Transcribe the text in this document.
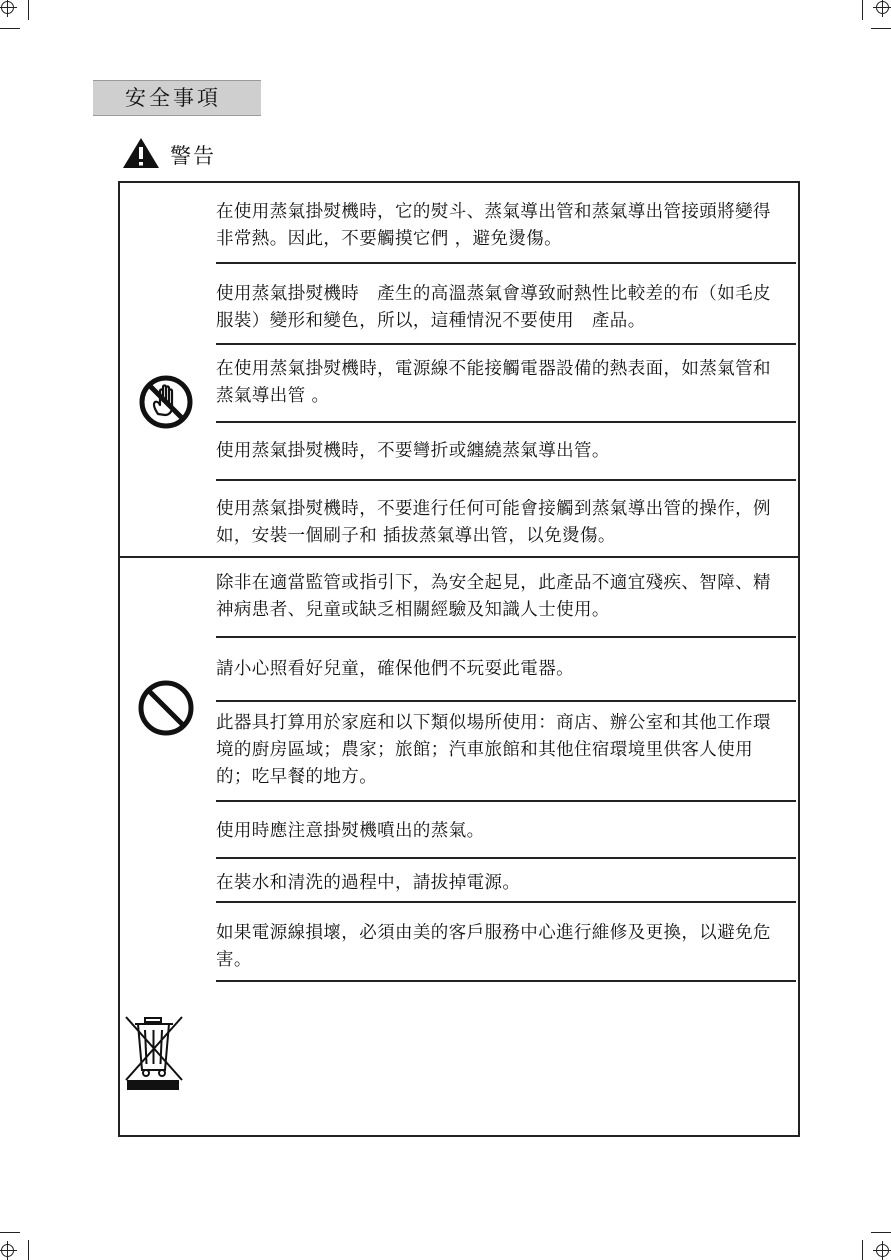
安全事項
警告
在使用蒸氣掛熨機時，它的熨斗、蒸氣導出管和蒸氣導出管接頭將變得非常熱。因此，不要觸摸它們 ，避免燙傷。
使用蒸氣掛熨機時　產生的高溫蒸氣會導致耐熱性比較差的布（如毛皮服裝）變形和變色，所以，這種情況不要使用　產品。
在使用蒸氣掛熨機時，電源線不能接觸電器設備的熱表面，如蒸氣管和蒸氣導出管 。
使用蒸氣掛熨機時，不要彎折或纏繞蒸氣導出管。
使用蒸氣掛熨機時，不要進行任何可能會接觸到蒸氣導出管的操作，例如，安裝一個刷子和 插拔蒸氣導出管，以免燙傷。
除非在適當監管或指引下，為安全起見，此產品不適宜殘疾、智障、精神病患者、兒童或缺乏相關經驗及知識人士使用。
請小心照看好兒童，確保他們不玩耍此電器。
此器具打算用於家庭和以下類似場所使用：商店、辦公室和其他工作環境的廚房區域；農家；旅館；汽車旅館和其他住宿環境里供客人使用的；吃早餐的地方。
使用時應注意掛熨機噴出的蒸氣。
在裝水和清洗的過程中，請拔掉電源。
如果電源線損壞，必須由美的客戶服務中心進行維修及更換，以避免危害。
